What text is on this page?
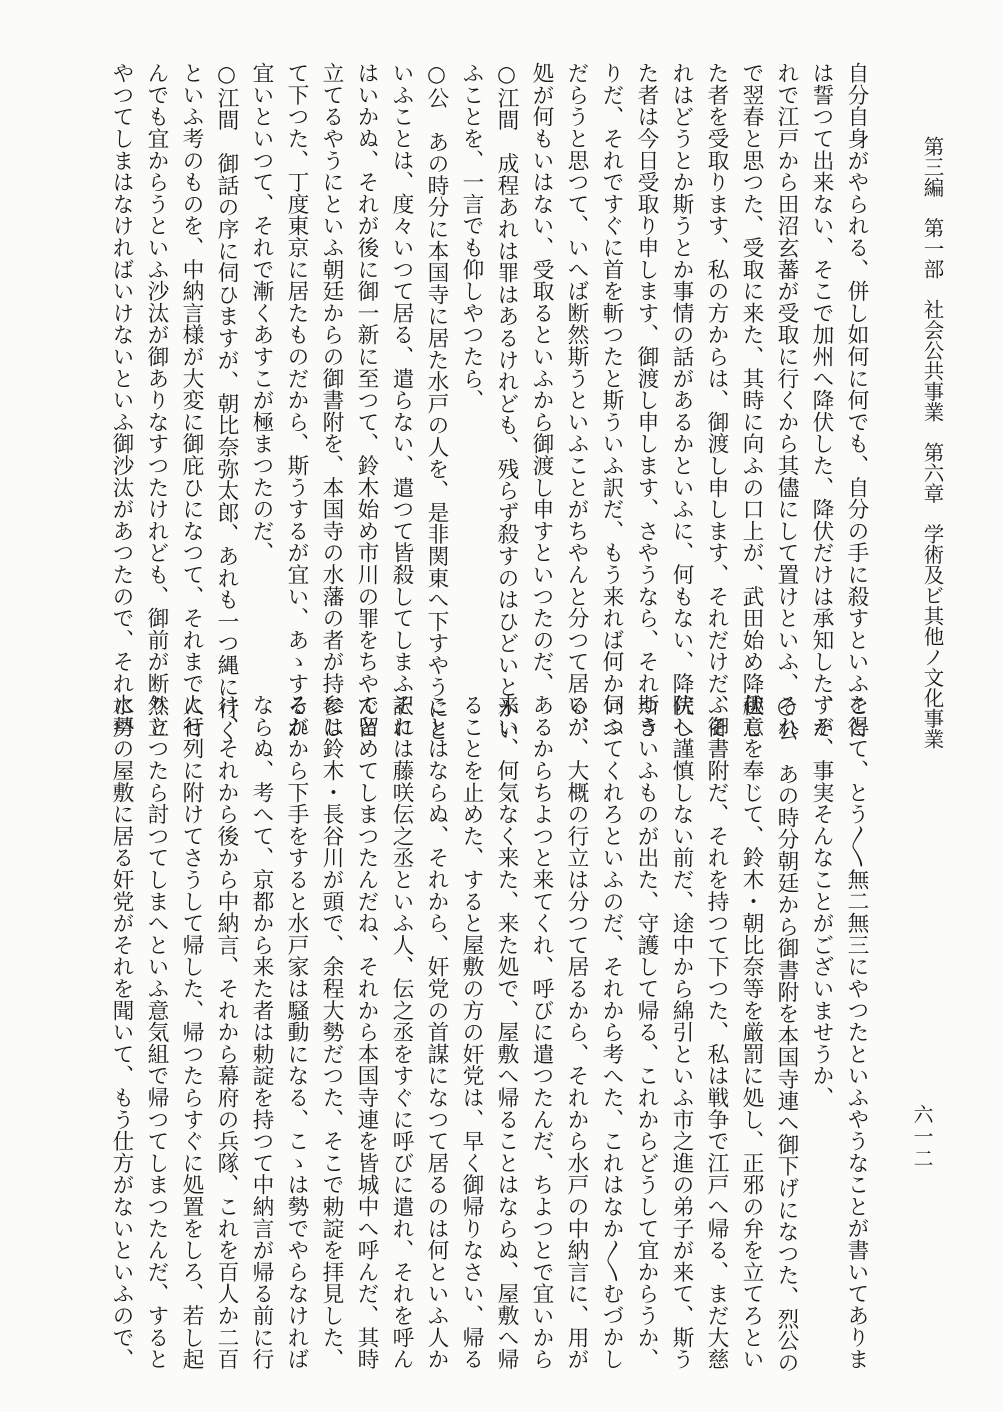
第三編第一部社会公共事業第六章学術及ビ其他ノ文化事業
六一二
自分自身がやられる、併し如何に何でも、自分の手に殺すといふこと
は誓つて出来ない、そこで加州へ降伏した、降伏だけは承知した、そ
れで江戸から田沼玄蕃が受取に行くから其儘にして置けといふ、それ
で翌春と思つた、受取に来た、其時に向ふの口上が、武田始め降伏し
た者を受取ります、私の方からは、御渡し申します、それだけだ、そ
れはどうとか斯うとか事情の話があるかといふに、何もない、降伏し
た者は今日受取り申します、御渡し申します、さやうなら、それつき
りだ、それですぐに首を斬つたと斯ういふ訳だ、もう来れば何かいふ
だらうと思つて、いへば断然斯うといふことがちやんと分つて居る、
処が何もいはない、受取るといふから御渡し申すといつたのだ、
○江間　成程あれは罪はあるけれども、残らず殺すのはひどいとかい
ふことを、一言でも仰しやつたら、
○公　あの時分に本国寺に居た水戸の人を、是非関東へ下すやうにと
いふことは、度々いつて居る、遣らない、遣つて皆殺してしまふ訳に
はいかぬ、それが後に御一新に至つて、鈴木始め市川の罪をちやんと
立てるやうにといふ朝廷からの御書附を、本国寺の水藩の者が持参し
て下つた、丁度東京に居たものだから、斯うするが宜い、あゝするが
宜いといつて、それで漸くあすこが極まつたのだ、
○江間　御話の序に伺ひますが、朝比奈弥太郎、あれも一つ縄に行く
といふ考のものを、中納言様が大変に御庇ひになつて、それまでにせ
んでも宜からうといふ沙汰が御ありなすつたけれども、御前が断然と
やつてしまはなければいけないといふ御沙汰があつたので、それに勢
を得て、とう〳〵無二無三にやつたといふやうなことが書いてありま
すが、事実そんなことがございませうか、
○公　あの時分朝廷から御書附を本国寺連へ御下げになつた、烈公の
趣意を奉じて、鈴木・朝比奈等を厳罰に処し、正邪の弁を立てろとい
ふ御書附だ、それを持つて下つた、私は戦争で江戸へ帰る、まだ大慈
院へ謹慎しない前だ、途中から綿引といふ市之進の弟子が来て、斯う
斯ういふものが出た、守護して帰る、これからどうして宜からうか、
伺つてくれろといふのだ、それから考へた、これはなか〳〵むづかし
いが、大概の行立は分つて居るから、それから水戸の中納言に、用が
あるからちよつと来てくれ、呼びに遣つたんだ、ちよつとで宜いから
来い、何気なく来た、来た処で、屋敷へ帰ることはならぬ、屋敷へ帰
ることを止めた、すると屋敷の方の奸党は、早く御帰りなさい、帰る
ことはならぬ、それから、奸党の首謀になつて居るのは何といふ人か
それは藤咲伝之丞といふ人、伝之丞をすぐに呼びに遣れ、それを呼ん
で留めてしまつたんだね、それから本国寺連を皆城中へ呼んだ、其時
には鈴木・長谷川が頭で、余程大勢だつた、そこで勅諚を拝見した、
それから下手をすると水戸家は騒動になる、こゝは勢でやらなければ
ならぬ、考へて、京都から来た者は勅諚を持つて中納言が帰る前に行
け、それから後から中納言、それから幕府の兵隊、これを百人か二百
人行列に附けてさうして帰した、帰つたらすぐに処置をしろ、若し起
り立つたら討つてしまへといふ意気組で帰つてしまつたんだ、すると
水戸の屋敷に居る奸党がそれを聞いて、もう仕方がないといふので、
